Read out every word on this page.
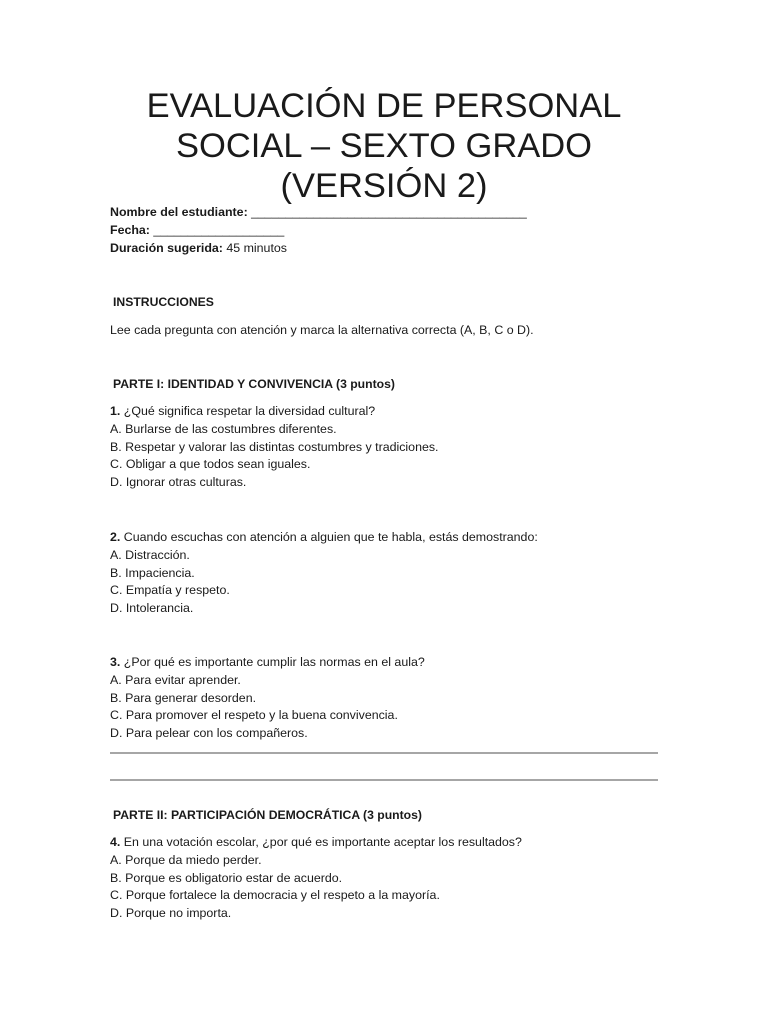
EVALUACIÓN DE PERSONAL
SOCIAL – SEXTO GRADO
(VERSIÓN 2)
Nombre del estudiante: ________________________________________
Fecha: ___________________
Duración sugerida: 45 minutos
INSTRUCCIONES

Lee cada pregunta con atención y marca la alternativa correcta (A, B, C o D).

PARTE I: IDENTIDAD Y CONVIVENCIA (3 puntos)
1. ¿Qué significa respetar la diversidad cultural?
A. Burlarse de las costumbres diferentes.
B. Respetar y valorar las distintas costumbres y tradiciones.
C. Obligar a que todos sean iguales.
D. Ignorar otras culturas.
2. Cuando escuchas con atención a alguien que te habla, estás demostrando:
A. Distracción.
B. Impaciencia.
C. Empatía y respeto.
D. Intolerancia.
3. ¿Por qué es importante cumplir las normas en el aula?
A. Para evitar aprender.
B. Para generar desorden.
C. Para promover el respeto y la buena convivencia.
D. Para pelear con los compañeros.
PARTE II: PARTICIPACIÓN DEMOCRÁTICA (3 puntos)
4. En una votación escolar, ¿por qué es importante aceptar los resultados?
A. Porque da miedo perder.
B. Porque es obligatorio estar de acuerdo.
C. Porque fortalece la democracia y el respeto a la mayoría.
D. Porque no importa.
